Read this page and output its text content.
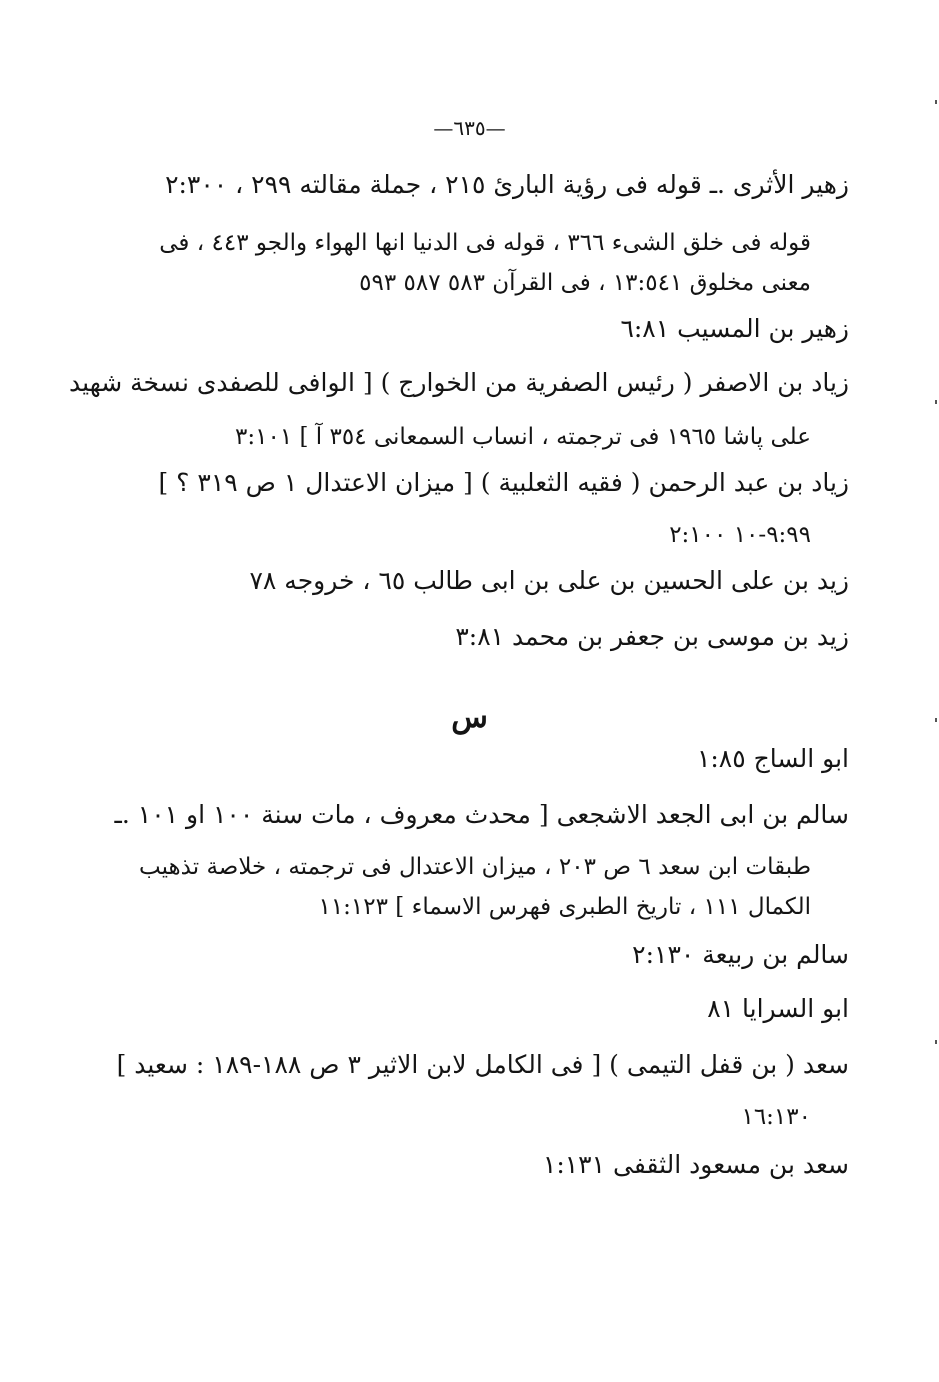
—٦٣٥—
زهير الأثرى .ـ قوله فى رؤية البارىٔ ٢١٥ ، جملة مقالته ٢٩٩ ، ٢:٣٠٠
قوله فى خلق الشىء ٣٦٦ ، قوله فى الدنيا انها الهواء والجو ٤٤٣ ، فى
معنى مخلوق ١٣:٥٤١ ، فى القرآن ٥٨٣ ٥٨٧ ٥٩٣
زهير بن المسيب ٦:٨١
زياد بن الاصفر ( رئيس الصفرية من الخوارج ) [ الوافى للصفدى نسخة شهيد
على پاشا ١٩٦٥ فى ترجمته ، انساب السمعانى ٣٥٤ آ ] ٣:١٠١
زياد بن عبد الرحمن ( فقيه الثعلبية ) [ ميزان الاعتدال ١ ص ٣١٩ ؟ ]
٩:٩٩-١٠ ٢:١٠٠
زيد بن على الحسين بن على بن ابى طالب ٦٥ ، خروجه ٧٨
زيد بن موسى بن جعفر بن محمد ٣:٨١
س
ابو الساج ١:٨٥
سالم بن ابى الجعد الاشجعى [ محدث معروف ، مات سنة ١٠٠ او ١٠١ .ـ
طبقات ابن سعد ٦ ص ٢٠٣ ، ميزان الاعتدال فى ترجمته ، خلاصة تذهيب
الكمال ١١١ ، تاريخ الطبرى فهرس الاسماء ] ١١:١٢٣
سالم بن ربيعة ٢:١٣٠
ابو السرايا ٨١
سعد ( بن قفل التيمى ) [ فى الكامل لابن الاثير ٣ ص ١٨٨-١٨٩ : سعيد ]
١٦:١٣٠
سعد بن مسعود الثقفى ١:١٣١
